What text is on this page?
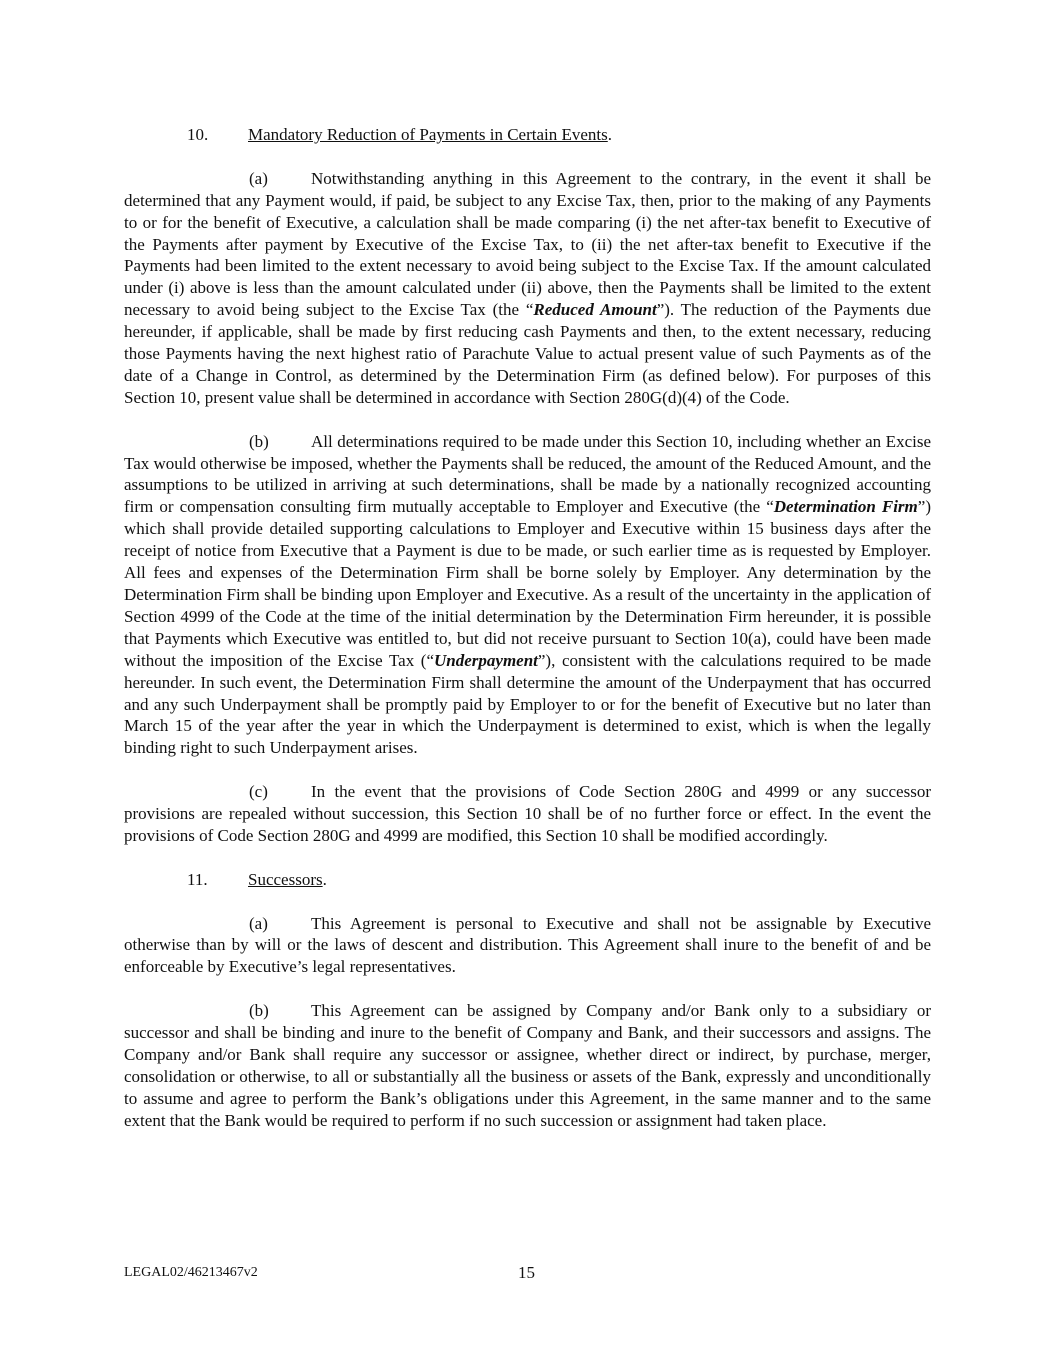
10. Mandatory Reduction of Payments in Certain Events.

(a)	Notwithstanding anything in this Agreement to the contrary, in the event it shall be determined that any Payment would, if paid, be subject to any Excise Tax, then, prior to the making of any Payments to or for the benefit of Executive, a calculation shall be made comparing (i) the net after-tax benefit to Executive of the Payments after payment by Executive of the Excise Tax, to (ii) the net after-tax benefit to Executive if the Payments had been limited to the extent necessary to avoid being subject to the Excise Tax. If the amount calculated under (i) above is less than the amount calculated under (ii) above, then the Payments shall be limited to the extent necessary to avoid being subject to the Excise Tax (the “Reduced Amount”). The reduction of the Payments due hereunder, if applicable, shall be made by first reducing cash Payments and then, to the extent necessary, reducing those Payments having the next highest ratio of Parachute Value to actual present value of such Payments as of the date of a Change in Control, as determined by the Determination Firm (as defined below). For purposes of this Section 10, present value shall be determined in accordance with Section 280G(d)(4) of the Code.

(b) All determinations required to be made under this Section 10, including whether an Excise Tax would otherwise be imposed, whether the Payments shall be reduced, the amount of the Reduced Amount, and the assumptions to be utilized in arriving at such determinations, shall be made by a nationally recognized accounting firm or compensation consulting firm mutually acceptable to Employer and Executive (the “Determination Firm”) which shall provide detailed supporting calculations to Employer and Executive within 15 business days after the receipt of notice from Executive that a Payment is due to be made, or such earlier time as is requested by Employer. All fees and expenses of the Determination Firm shall be borne solely by Employer. Any determination by the Determination Firm shall be binding upon Employer and Executive. As a result of the uncertainty in the application of Section 4999 of the Code at the time of the initial determination by the Determination Firm hereunder, it is possible that Payments which Executive was entitled to, but did not receive pursuant to Section 10(a), could have been made without the imposition of the Excise Tax (“Underpayment”), consistent with the calculations required to be made hereunder. In such event, the Determination Firm shall determine the amount of the Underpayment that has occurred and any such Underpayment shall be promptly paid by Employer to or for the benefit of Executive but no later than March 15 of the year after the year in which the Underpayment is determined to exist, which is when the legally binding right to such Underpayment arises.

(c)	In the event that the provisions of Code Section 280G and 4999 or any successor provisions are repealed without succession, this Section 10 shall be of no further force or effect. In the event the provisions of Code Section 280G and 4999 are modified, this Section 10 shall be modified accordingly.

11. Successors.

(a)	This Agreement is personal to Executive and shall not be assignable by Executive otherwise than by will or the laws of descent and distribution. This Agreement shall inure to the benefit of and be enforceable by Executive’s legal representatives.

(b) This Agreement can be assigned by Company and/or Bank only to a subsidiary or successor and shall be binding and inure to the benefit of Company and Bank, and their successors and assigns. The Company and/or Bank shall require any successor or assignee, whether direct or indirect, by purchase, merger, consolidation or otherwise, to all or substantially all the business or assets of the Bank, expressly and unconditionally to assume and agree to perform the Bank’s obligations under this Agreement, in the same manner and to the same extent that the Bank would be required to perform if no such succession or assignment had taken place.

LEGAL02/46213467v2	15
